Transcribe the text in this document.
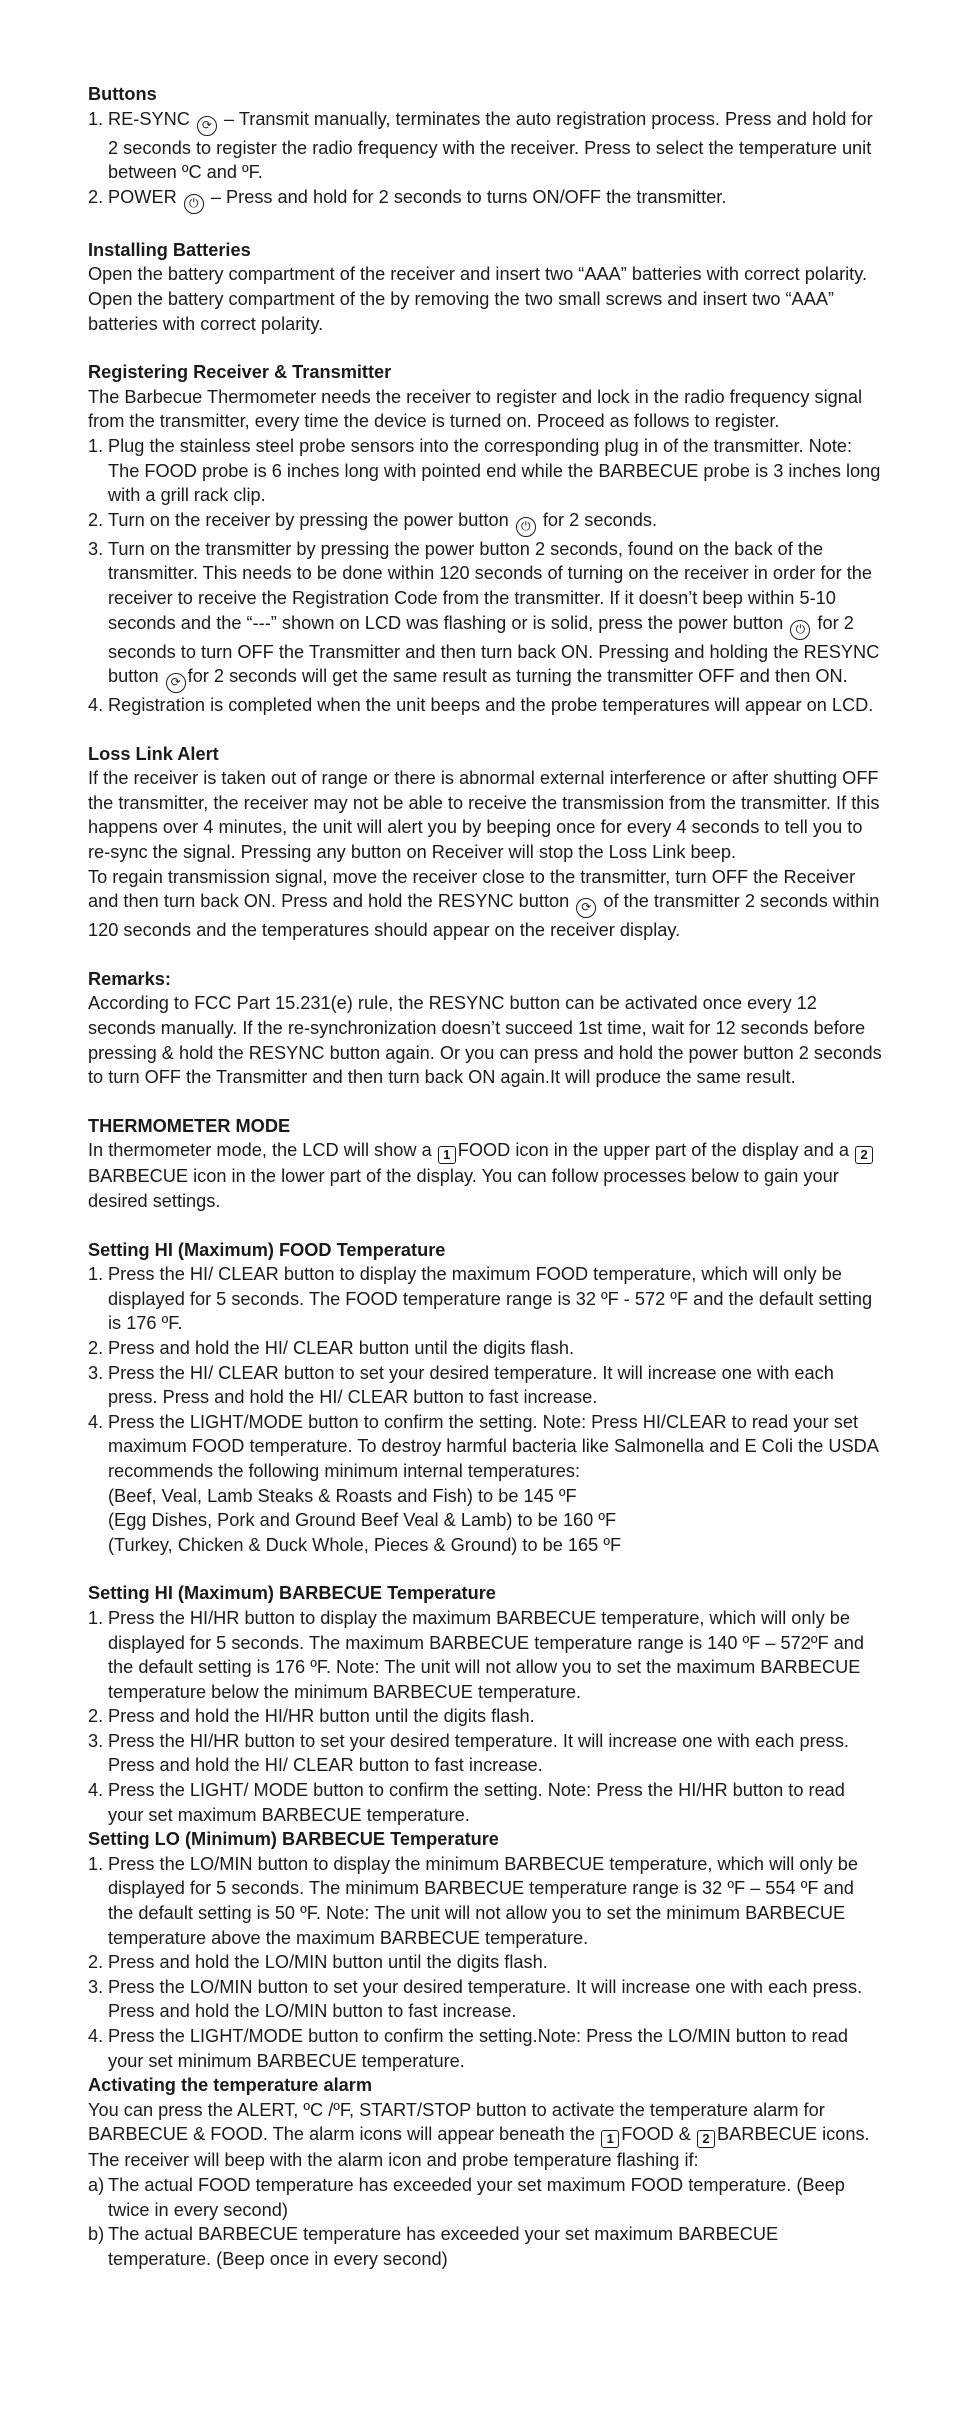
Buttons

1. RE-SYNC ⟳ – Transmit manually, terminates the auto registration process. Press and hold for 2 seconds to register the radio frequency with the receiver. Press to select the temperature unit between ºC and ºF.
2. POWER ⏻ – Press and hold for 2 seconds to turns ON/OFF the transmitter.

Installing Batteries

Open the battery compartment of the receiver and insert two “AAA” batteries with correct polarity. Open the battery compartment of the by removing the two small screws and insert two “AAA” batteries with correct polarity.

Registering Receiver & Transmitter

The Barbecue Thermometer needs the receiver to register and lock in the radio frequency signal from the transmitter, every time the device is turned on. Proceed as follows to register.

1. Plug the stainless steel probe sensors into the corresponding plug in of the transmitter. Note: The FOOD probe is 6 inches long with pointed end while the BARBECUE probe is 3 inches long with a grill rack clip.
2. Turn on the receiver by pressing the power button ⏻ for 2 seconds.
3. Turn on the transmitter by pressing the power button 2 seconds, found on the back of the transmitter. This needs to be done within 120 seconds of turning on the receiver in order for the receiver to receive the Registration Code from the transmitter. If it doesn’t beep within 5-10 seconds and the “---” shown on LCD was flashing or is solid, press the power button ⏻ for 2 seconds to turn OFF the Transmitter and then turn back ON. Pressing and holding the RESYNC button ⟳ for 2 seconds will get the same result as turning the transmitter OFF and then ON.
4. Registration is completed when the unit beeps and the probe temperatures will appear on LCD.

Loss Link Alert

If the receiver is taken out of range or there is abnormal external interference or after shutting OFF the transmitter, the receiver may not be able to receive the transmission from the transmitter. If this happens over 4 minutes, the unit will alert you by beeping once for every 4 seconds to tell you to re-sync the signal. Pressing any button on Receiver will stop the Loss Link beep.

To regain transmission signal, move the receiver close to the transmitter, turn OFF the Receiver and then turn back ON. Press and hold the RESYNC button ⟳ of the transmitter 2 seconds within 120 seconds and the temperatures should appear on the receiver display.

Remarks:

According to FCC Part 15.231(e) rule, the RESYNC button can be activated once every 12 seconds manually. If the re-synchronization doesn’t succeed 1st time, wait for 12 seconds before pressing & hold the RESYNC button again. Or you can press and hold the power button 2 seconds to turn OFF the Transmitter and then turn back ON again.It will produce the same result.

THERMOMETER MODE

In thermometer mode, the LCD will show a 1 FOOD icon in the upper part of the display and a 2BARBECUE icon in the lower part of the display. You can follow processes below to gain your desired settings.

Setting HI (Maximum) FOOD Temperature

1. Press the HI/ CLEAR button to display the maximum FOOD temperature, which will only be displayed for 5 seconds. The FOOD temperature range is 32 ºF - 572 ºF and the default setting is 176 ºF.
2. Press and hold the HI/ CLEAR button until the digits flash.
3. Press the HI/ CLEAR button to set your desired temperature. It will increase one with each press. Press and hold the HI/ CLEAR button to fast increase.
4. Press the LIGHT/MODE button to confirm the setting. Note: Press HI/CLEAR to read your set maximum FOOD temperature. To destroy harmful bacteria like Salmonella and E Coli the USDA recommends the following minimum internal temperatures:

(Beef, Veal, Lamb Steaks & Roasts and Fish) to be 145 ºF

(Egg Dishes, Pork and Ground Beef Veal & Lamb) to be 160 ºF

(Turkey, Chicken & Duck Whole, Pieces & Ground) to be 165 ºF

Setting HI (Maximum) BARBECUE Temperature

1. Press the HI/HR button to display the maximum BARBECUE temperature, which will only be displayed for 5 seconds. The maximum BARBECUE temperature range is 140 ºF – 572ºF and the default setting is 176 ºF. Note: The unit will not allow you to set the maximum BARBECUE temperature below the minimum BARBECUE temperature.
2. Press and hold the HI/HR button until the digits flash.
3. Press the HI/HR button to set your desired temperature. It will increase one with each press. Press and hold the HI/ CLEAR button to fast increase.
4. Press the LIGHT/ MODE button to confirm the setting. Note: Press the HI/HR button to read your set maximum BARBECUE temperature.

Setting LO (Minimum) BARBECUE Temperature

1. Press the LO/MIN button to display the minimum BARBECUE temperature, which will only be displayed for 5 seconds. The minimum BARBECUE temperature range is 32 ºF – 554 ºF and the default setting is 50 ºF. Note: The unit will not allow you to set the minimum BARBECUE temperature above the maximum BARBECUE temperature.
2. Press and hold the LO/MIN button until the digits flash.
3. Press the LO/MIN button to set your desired temperature. It will increase one with each press. Press and hold the LO/MIN button to fast increase.
4. Press the LIGHT/MODE button to confirm the setting.Note: Press the LO/MIN button to read your set minimum BARBECUE temperature.

Activating the temperature alarm

You can press the ALERT, ºC /ºF, START/STOP button to activate the temperature alarm for

BARBECUE & FOOD. The alarm icons will appear beneath the 1 FOOD & 2 BARBECUE icons.

The receiver will beep with the alarm icon and probe temperature flashing if:

a) The actual FOOD temperature has exceeded your set maximum FOOD temperature. (Beep twice in every second)
b) The actual BARBECUE temperature has exceeded your set maximum BARBECUE temperature. (Beep once in every second)
